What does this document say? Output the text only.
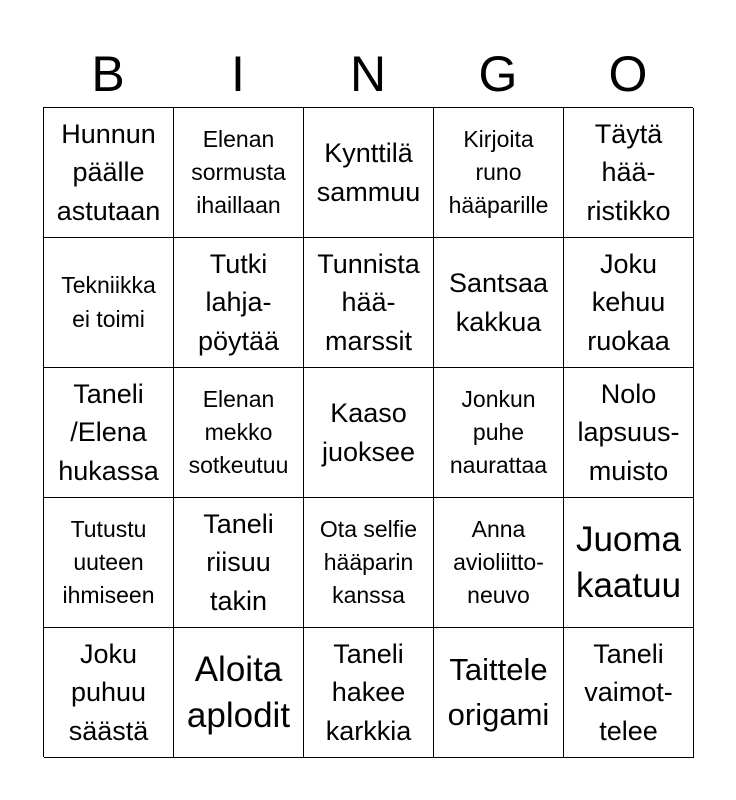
B	I	N	G	O
Hunnun
päälle
astutaan
Elenan
sormusta
ihaillaan
Kynttilä
sammuu
Kirjoita
runo
hääparille
Täytä
hää-
ristikko
Tekniikka
ei toimi
Tutki
lahja-
pöytää
Tunnista
hää-
marssit
Santsaa
kakkua
Joku
kehuu
ruokaa
Taneli
/Elena
hukassa
Elenan
mekko
sotkeutuu
Kaaso
juoksee
Jonkun
puhe
naurattaa
Nolo
lapsuus-
muisto
Tutustu
uuteen
ihmiseen
Taneli
riisuu
takin
Ota selfie
hääparin
kanssa
Anna
avioliitto-
neuvo
Juoma
kaatuu
Joku
puhuu
säästä
Aloita
aplodit
Taneli
hakee
karkkia
Taittele
origami
Taneli
vaimot-
telee
